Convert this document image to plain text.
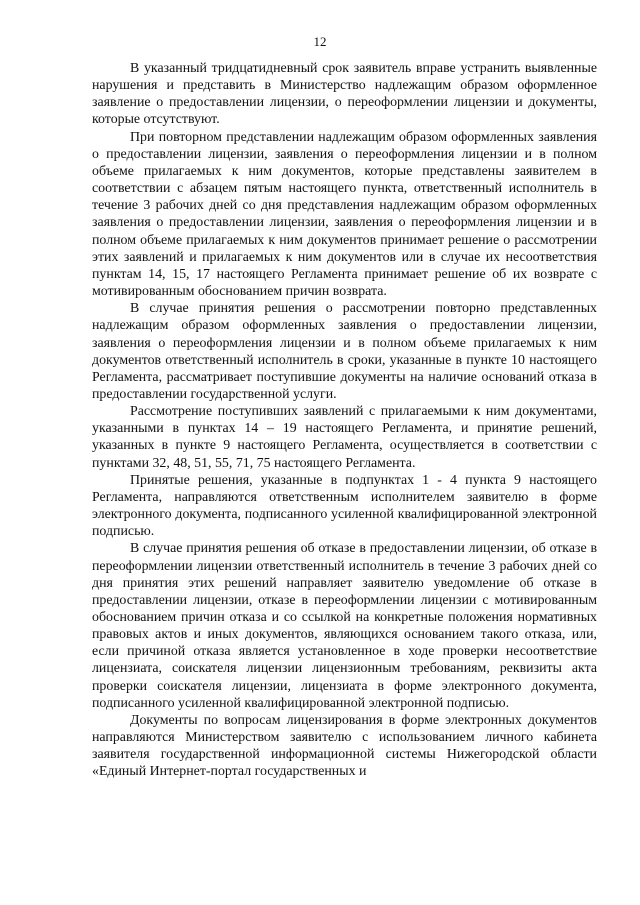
12

В указанный тридцатидневный срок заявитель вправе устранить выявленные нарушения и представить в Министерство надлежащим образом оформленное заявление о предоставлении лицензии, о переоформлении лицензии и документы, которые отсутствуют.

При повторном представлении надлежащим образом оформленных заявления о предоставлении лицензии, заявления о переоформления лицензии и в полном объеме прилагаемых к ним документов, которые представлены заявителем в соответствии с абзацем пятым настоящего пункта, ответственный исполнитель в течение 3 рабочих дней со дня представления надлежащим образом оформленных заявления о предоставлении лицензии, заявления о переоформления лицензии и в полном объеме прилагаемых к ним документов принимает решение о рассмотрении этих заявлений и прилагаемых к ним документов или в случае их несоответствия пунктам 14, 15, 17 настоящего Регламента принимает решение об их возврате с мотивированным обоснованием причин возврата.

В случае принятия решения о рассмотрении повторно представленных надлежащим образом оформленных заявления о предоставлении лицензии, заявления о переоформления лицензии и в полном объеме прилагаемых к ним документов ответственный исполнитель в сроки, указанные в пункте 10 настоящего Регламента, рассматривает поступившие документы на наличие оснований отказа в предоставлении государственной услуги.

Рассмотрение поступивших заявлений с прилагаемыми к ним документами, указанными в пунктах 14 – 19 настоящего Регламента, и принятие решений, указанных в пункте 9 настоящего Регламента, осуществляется в соответствии с пунктами 32, 48, 51, 55, 71, 75 настоящего Регламента.

Принятые решения, указанные в подпунктах 1 - 4 пункта 9 настоящего Регламента, направляются ответственным исполнителем заявителю в форме электронного документа, подписанного усиленной квалифицированной электронной подписью.

В случае принятия решения об отказе в предоставлении лицензии, об отказе в переоформлении лицензии ответственный исполнитель в течение 3 рабочих дней со дня принятия этих решений направляет заявителю уведомление об отказе в предоставлении лицензии, отказе в переоформлении лицензии с мотивированным обоснованием причин отказа и со ссылкой на конкретные положения нормативных правовых актов и иных документов, являющихся основанием такого отказа, или, если причиной отказа является установленное в ходе проверки несоответствие лицензиата, соискателя лицензии лицензионным требованиям, реквизиты акта проверки соискателя лицензии, лицензиата в форме электронного документа, подписанного усиленной квалифицированной электронной подписью.

Документы по вопросам лицензирования в форме электронных документов направляются Министерством заявителю с использованием личного кабинета заявителя государственной информационной системы Нижегородской области «Единый Интернет-портал государственных и
